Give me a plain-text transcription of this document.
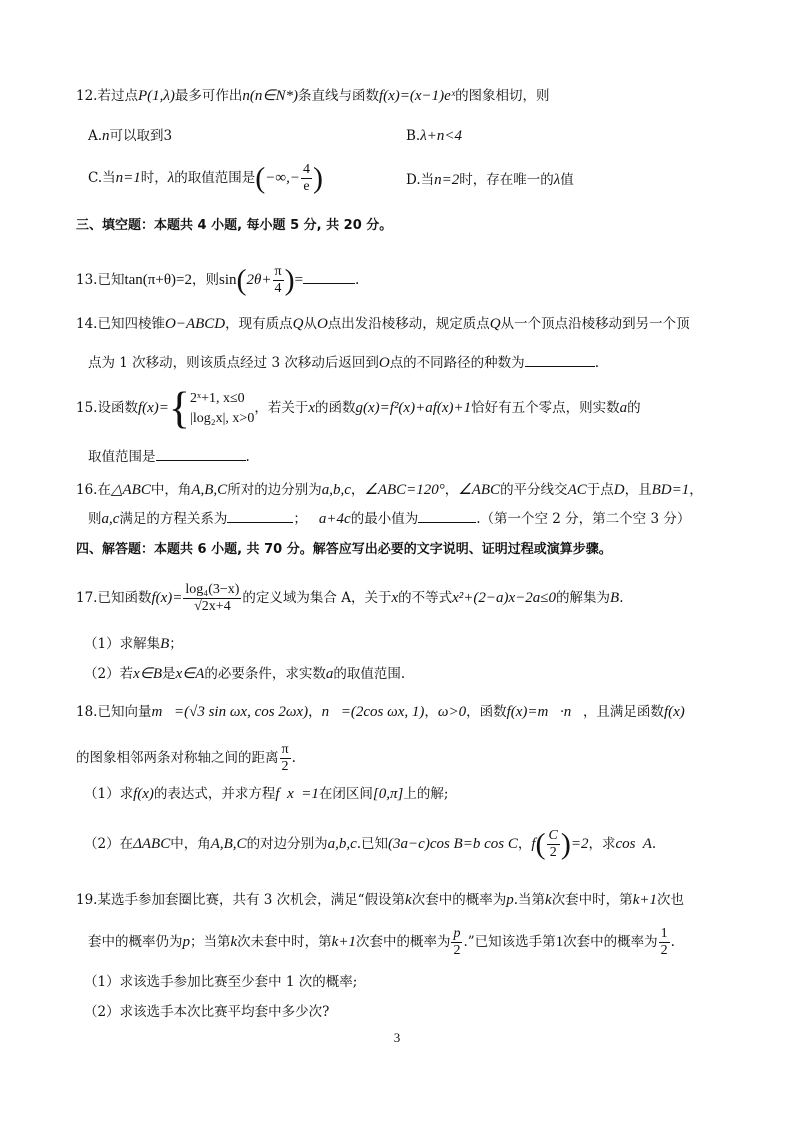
12.若过点P(1,λ)最多可作出n(n∈N*)条直线与函数f(x)=(x−1)eˣ的图象相切，则
A.n可以取到3	B.λ+n<4
C.当n=1时，λ的取值范围是(−∞,− $\frac{4}{e}$ )	D.当n=2时，存在唯一的λ值
三、填空题：本题共 4 小题, 每小题 5 分, 共 20 分。
13.已知tan(π+θ)=2，则$\sin(2\theta+ \frac{\pi}{4}$ )=	.
14.已知四棱锥O−ABCD，现有质点Q从O点出发沿棱移动，规定质点Q从一个顶点沿棱移动到另一个顶
点为 1 次移动，则该质点经过 3 次移动后返回到O点的不同路径的种数为	.
15.设函数f(x)={ 2ˣ+1, x≤0
|log₂x|, x>0
，若关于x的函数g(x)=f²(x)+af(x)+1恰好有五个零点，则实数a的
取值范围是	.
16.在△ABC中，角A,B,C所对的边分别为a,b,c，∠ABC=120°，∠ABC的平分线交AC于点D，且BD=1，
则a,c满足的方程关系为	； a+4c的最小值为	.（第一个空 2 分，第二个空 3 分）
四、解答题：本题共 6 小题, 共 70 分。解答应写出必要的文字说明、证明过程或演算步骤。
17.已知函数$f(x)= \frac{\text{log₄(3−x)}}{√2x+4}$ 的定义域为集合 A，关于x的不等式x²+(2−a)x−2a≤0的解集为B.
（1）求解集B；
（2）若x∈B是x∈A的必要条件，求实数a的取值范围.
18.已知向量m⃗=(√3 sin ωx, cos 2ωx)，n⃗=(2cos ωx, 1)，ω>0，函数f(x)=m⃗·n⃗，且满足函数f(x)
的图象相邻两条对称轴之间的距离 $\frac{\pi}{2}$ .
（1）求f(x)的表达式，并求方程f  x  =1在闭区间[0,π]上的解;
（2）在ΔABC中，角A,B,C的对边分别为a,b,c.已知(3a−c)cos B=b cos C，$f( \frac{C}{2} )=2$，求cos  A.
19.某选手参加套圈比赛，共有 3 次机会，满足“假设第k次套中的概率为p.当第k次套中时，第k+1次也
套中的概率仍为p；当第k次未套中时，第k+1次套中的概率为 $\frac{p}{2}$ .”已知该选手第1次套中的概率为 $\frac{1}{2}$ .
（1）求该选手参加比赛至少套中 1 次的概率;
（2）求该选手本次比赛平均套中多少次?
3
